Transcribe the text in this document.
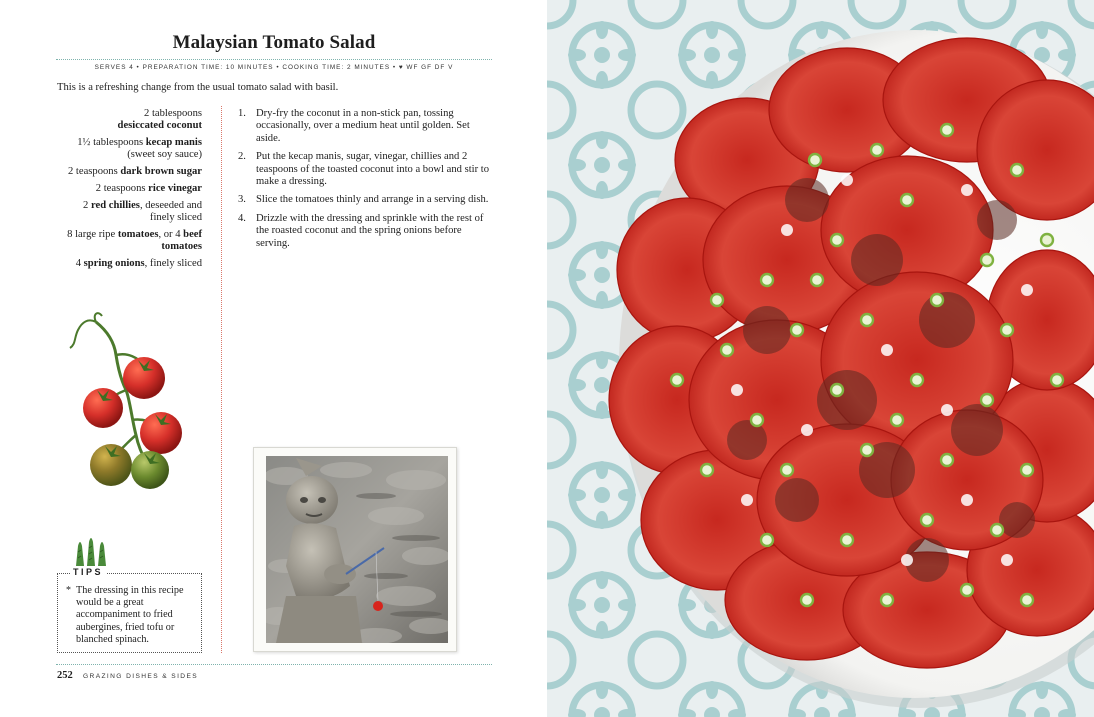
Malaysian Tomato Salad
SERVES 4 • PREPARATION TIME: 10 MINUTES • COOKING TIME: 2 MINUTES • ♥ WF GF DF V

This is a refreshing change from the usual tomato salad with basil.

2 tablespoons
desiccated coconut
1½ tablespoons kecap manis
(sweet soy sauce)
2 teaspoons dark brown sugar
2 teaspoons rice vinegar
2 red chillies, deseeded and finely sliced
8 large ripe tomatoes, or 4 beef tomatoes
4 spring onions, finely sliced
1. Dry-fry the coconut in a non-stick pan, tossing occasionally, over a medium heat until golden. Set aside.
2. Put the kecap manis, sugar, vinegar, chillies and 2 teaspoons of the toasted coconut into a bowl and stir to make a dressing.
3. Slice the tomatoes thinly and arrange in a serving dish.
4. Drizzle with the dressing and sprinkle with the rest of the roasted coconut and the spring onions before serving.
TIPS
* The dressing in this recipe would be a great accompaniment to fried aubergines, fried tofu or blanched spinach.
252 GRAZING DISHES & SIDES
